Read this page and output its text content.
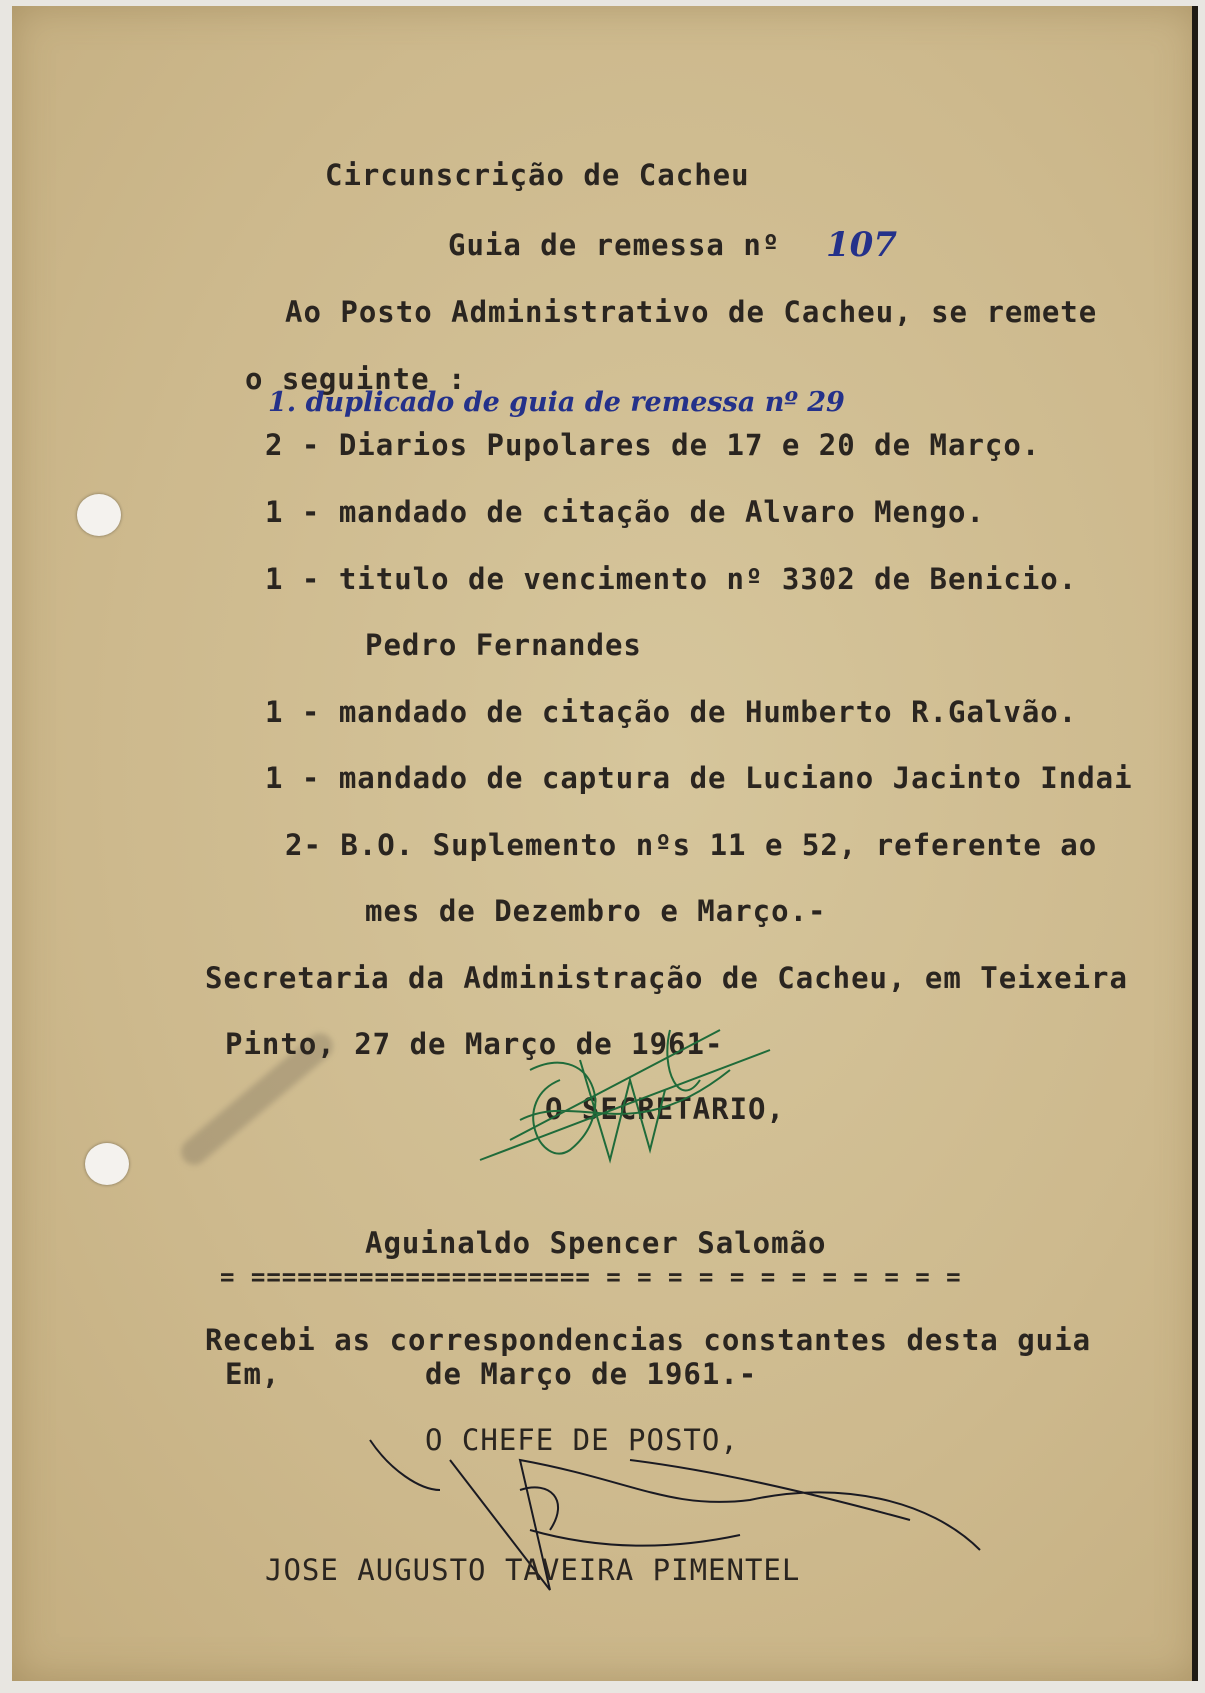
Circunscrição de Cacheu
Guia de remessa nº 107
Ao Posto Administrativo de Cacheu, se remete
o seguinte :
1. duplicado de guia de remessa nº 29
2 - Diarios Pupolares de 17 e 20 de Março.
1 - mandado de citação de Alvaro Mengo.
1 - titulo de vencimento nº 3302 de Benicio.
Pedro Fernandes
1 - mandado de citação de Humberto R.Galvão.
1 - mandado de captura de Luciano Jacinto Indai
2- B.O. Suplemento nºs 11 e 52, referente ao
mes de Dezembro e Março.-
Secretaria da Administração de Cacheu, em Teixeira
Pinto, 27 de Março de 1961-
O SECRETARIO,
Aguinaldo Spencer Salomão
= ====================== = = = = = = = = = = = =
Recebi as correspondencias constantes desta guia
Em,	de Março de 1961.-
O CHEFE DE POSTO,
JOSE AUGUSTO TAVEIRA PIMENTEL
